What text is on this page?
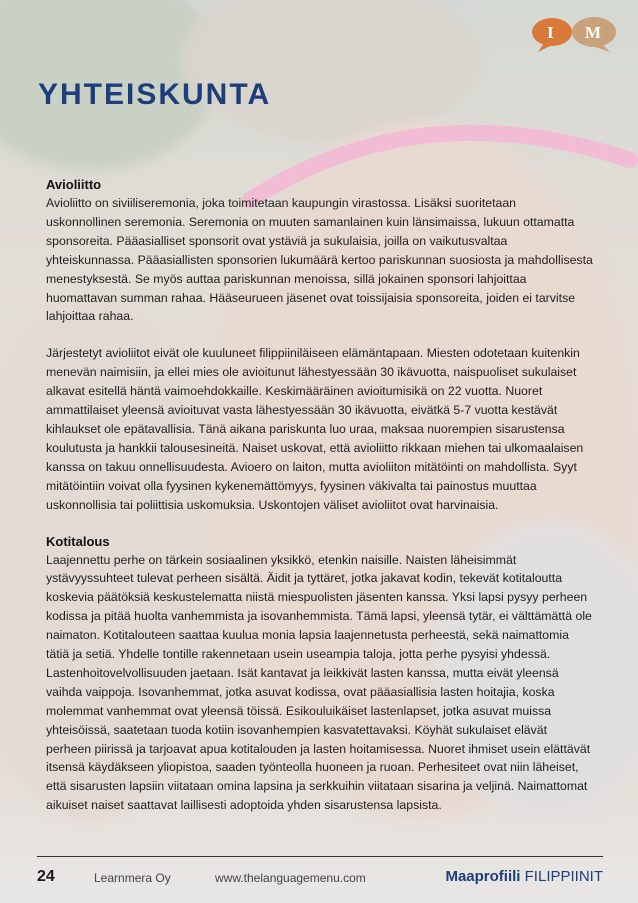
I M
YHTEISKUNTA

Avioliitto

Avioliitto on siviiliseremonia, joka toimitetaan kaupungin virastossa. Lisäksi suoritetaan uskonnollinen seremonia. Seremonia on muuten samanlainen kuin länsimaissa, lukuun ottamatta sponsoreita. Pääasialliset sponsorit ovat ystäviä ja sukulaisia, joilla on vaikutusvaltaa yhteiskunnassa. Pääasiallisten sponsorien lukumäärä kertoo pariskunnan suosiosta ja mahdollisesta menestyksestä. Se myös auttaa pariskunnan menoissa, sillä jokainen sponsori lahjoittaa huomattavan summan rahaa. Hääseurueen jäsenet ovat toissijaisia sponsoreita, joiden ei tarvitse lahjoittaa rahaa.

Järjestetyt avioliitot eivät ole kuuluneet filippiiniläiseen elämäntapaan. Miesten odotetaan kuitenkin menevän naimisiin, ja ellei mies ole avioitunut lähestyessään 30 ikävuotta, naispuoliset sukulaiset alkavat esitellä häntä vaimoehdokkaille. Keskimääräinen avioitumisikä on 22 vuotta. Nuoret ammattilaiset yleensä avioituvat vasta lähestyessään 30 ikävuotta, eivätkä 5-7 vuotta kestävät kihlaukset ole epätavallisia. Tänä aikana pariskunta luo uraa, maksaa nuorempien sisarustensa koulutusta ja hankkii talousesineitä. Naiset uskovat, että avioliitto rikkaan miehen tai ulkomaalaisen kanssa on takuu onnellisuudesta. Avioero on laiton, mutta avioliiton mitätöinti on mahdollista. Syyt mitätöintiin voivat olla fyysinen kykenemättömyys, fyysinen väkivalta tai painostus muuttaa uskonnollisia tai poliittisia uskomuksia. Uskontojen väliset avioliitot ovat harvinaisia.

Kotitalous

Laajennettu perhe on tärkein sosiaalinen yksikkö, etenkin naisille. Naisten läheisimmät ystävyyssuhteet tulevat perheen sisältä. Äidit ja tyttäret, jotka jakavat kodin, tekevät kotitaloutta koskevia päätöksiä keskustelematta niistä miespuolisten jäsenten kanssa. Yksi lapsi pysyy perheen kodissa ja pitää huolta vanhemmista ja isovanhemmista. Tämä lapsi, yleensä tytär, ei välttämättä ole naimaton. Kotitalouteen saattaa kuulua monia lapsia laajennetusta perheestä, sekä naimattomia tätiä ja setiä. Yhdelle tontille rakennetaan usein useampia taloja, jotta perhe pysyisi yhdessä. Lastenhoitovelvollisuuden jaetaan. Isät kantavat ja leikkivät lasten kanssa, mutta eivät yleensä vaihda vaippoja. Isovanhemmat, jotka asuvat kodissa, ovat pääasiallisia lasten hoitajia, koska molemmat vanhemmat ovat yleensä töissä. Esikouluikäiset lastenlapset, jotka asuvat muissa yhteisöissä, saatetaan tuoda kotiin isovanhempien kasvatettavaksi. Köyhät sukulaiset elävät perheen piirissä ja tarjoavat apua kotitalouden ja lasten hoitamisessa. Nuoret ihmiset usein elättävät itsensä käydäkseen yliopistoa, saaden työnteolla huoneen ja ruoan. Perhesiteet ovat niin läheiset, että sisarusten lapsiin viitataan omina lapsina ja serkkuihin viitataan sisarina ja veljinä. Naimattomat aikuiset naiset saattavat laillisesti adoptoida yhden sisarustensa lapsista.

24	Learnmera Oy	www.thelanguagemenu.com	Maaprofiili FILIPPIINIT
